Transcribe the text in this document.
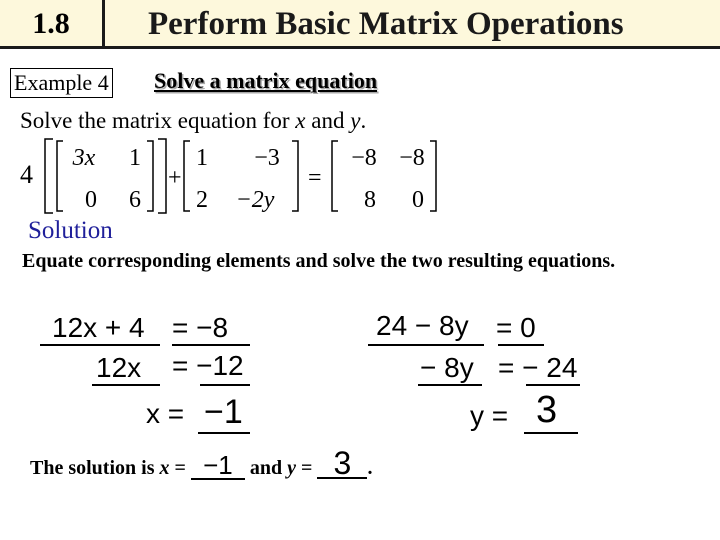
1.8	Perform Basic Matrix Operations
Example 4 Solve a matrix equation
Solve the matrix equation for x and y.
4
3x 1
0 6
+
1 −3
2 −2y
=
−8 −8
8 0
Solution
Equate corresponding elements and solve the two resulting equations.
12x + 4 = −8
12x = −12
x = −1
24 − 8y = 0
− 8y = − 24
y = 3
The solution is x = −1 and y = 3 .
